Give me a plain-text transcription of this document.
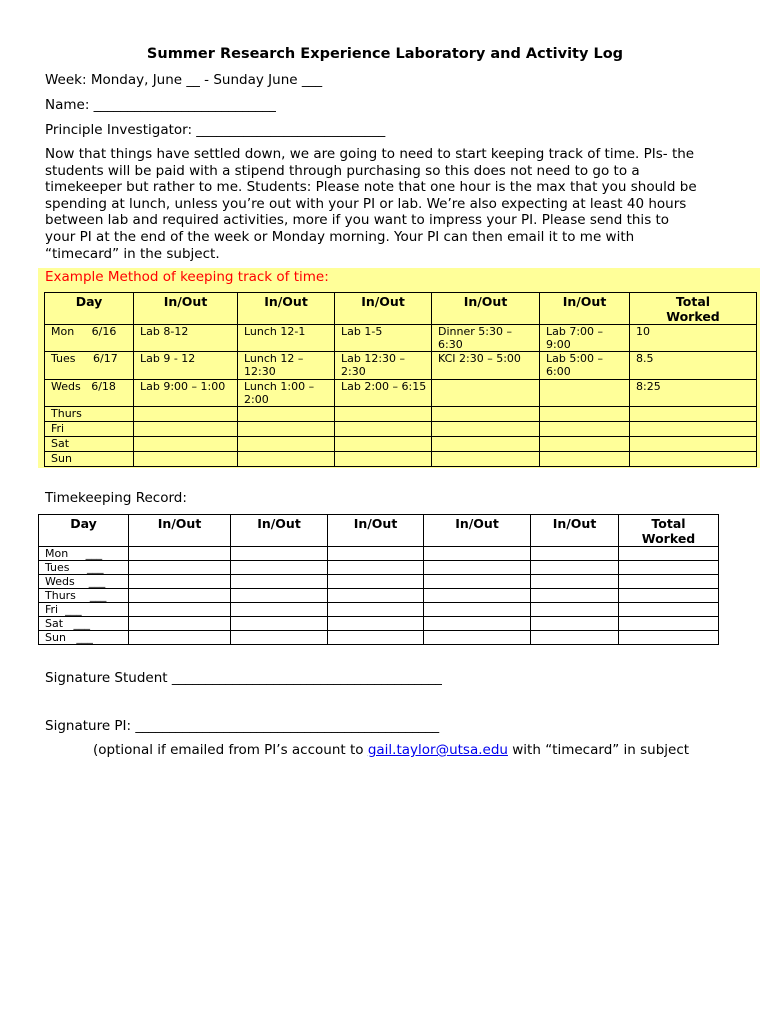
Summer Research Experience Laboratory and Activity Log
Week: Monday, June __ - Sunday June ___
Name: ___________________________
Principle Investigator: ____________________________
Now that things have settled down, we are going to need to start keeping track of time. PIs- the
students will be paid with a stipend through purchasing so this does not need to go to a
timekeeper but rather to me. Students: Please note that one hour is the max that you should be
spending at lunch, unless you’re out with your PI or lab. We’re also expecting at least 40 hours
between lab and required activities, more if you want to impress your PI. Please send this to
your PI at the end of the week or Monday morning. Your PI can then email it to me with
“timecard” in the subject.
Example Method of keeping track of time:
Day	In/Out	In/Out	In/Out	In/Out	In/Out	Total Worked
Mon     6/16	Lab 8-12	Lunch 12-1	Lab 1-5	Dinner 5:30 – 6:30	Lab 7:00 – 9:00	10
Tues     6/17	Lab 9 - 12	Lunch 12 – 12:30	Lab 12:30 – 2:30	KCI 2:30 – 5:00	Lab 5:00 – 6:00	8.5
Weds   6/18	Lab 9:00 – 1:00	Lunch 1:00 – 2:00	Lab 2:00 – 6:15			8:25
Thurs						
Fri						
Sat						
Sun						
Timekeeping Record:
Day	In/Out	In/Out	In/Out	In/Out	In/Out	Total Worked
Mon     ___						
Tues     ___						
Weds    ___						
Thurs    ___						
Fri  ___						
Sat   ___						
Sun   ___						
Signature Student ________________________________________
Signature PI: _____________________________________________
(optional if emailed from PI’s account to gail.taylor@utsa.edu with “timecard” in subject
